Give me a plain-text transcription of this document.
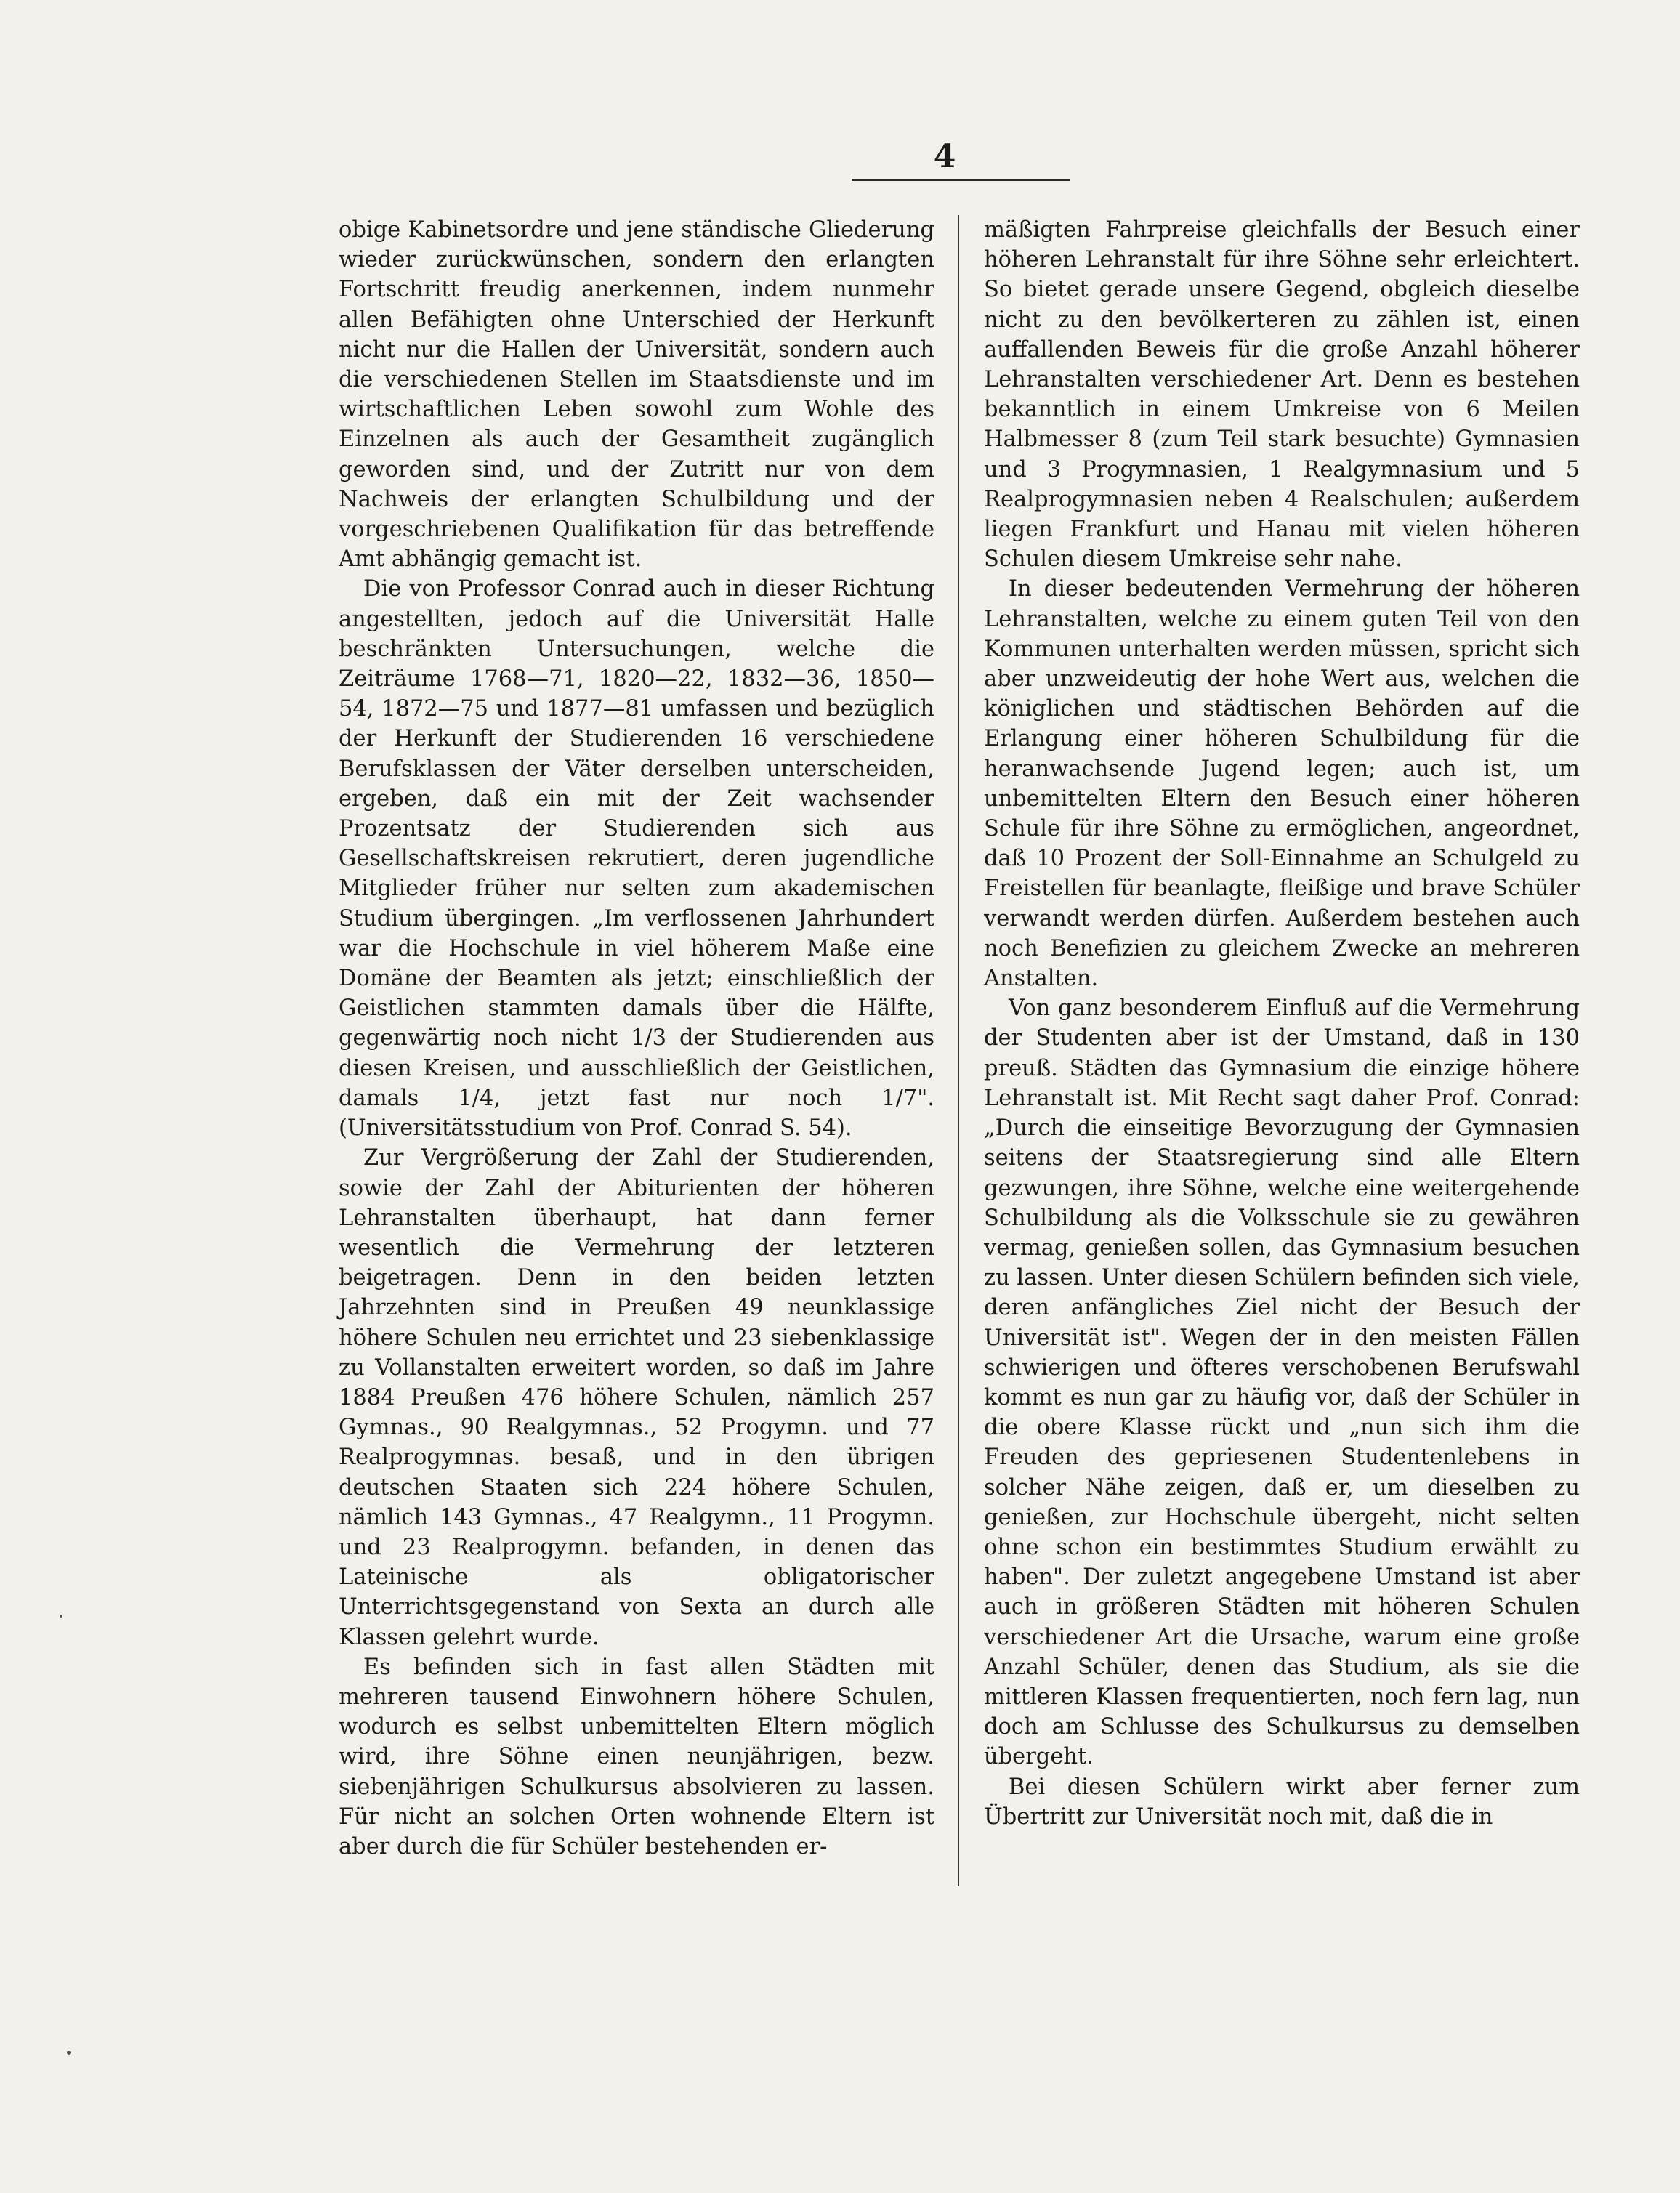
4

obige Kabinetsordre und jene ständische Gliederung wieder zurückwünschen, sondern den erlangten Fortschritt freudig anerkennen, indem nunmehr allen Befähigten ohne Unterschied der Herkunft nicht nur die Hallen der Universität, sondern auch die verschiedenen Stellen im Staatsdienste und im wirtschaftlichen Leben sowohl zum Wohle des Einzelnen als auch der Gesamtheit zugänglich geworden sind, und der Zutritt nur von dem Nachweis der erlangten Schulbildung und der vorgeschriebenen Qualifikation für das betreffende Amt abhängig gemacht ist.

Die von Professor Conrad auch in dieser Richtung angestellten, jedoch auf die Universität Halle beschränkten Untersuchungen, welche die Zeiträume 1768—71, 1820—22, 1832—36, 1850—54, 1872—75 und 1877—81 umfassen und bezüglich der Herkunft der Studierenden 16 verschiedene Berufsklassen der Väter derselben unterscheiden, ergeben, daß ein mit der Zeit wachsender Prozentsatz der Studierenden sich aus Gesellschaftskreisen rekrutiert, deren jugendliche Mitglieder früher nur selten zum akademischen Studium übergingen. „Im verflossenen Jahrhundert war die Hochschule in viel höherem Maße eine Domäne der Beamten als jetzt; einschließlich der Geistlichen stammten damals über die Hälfte, gegenwärtig noch nicht 1/3 der Studierenden aus diesen Kreisen, und ausschließlich der Geistlichen, damals 1/4, jetzt fast nur noch 1/7". (Universitätsstudium von Prof. Conrad S. 54).

Zur Vergrößerung der Zahl der Studierenden, sowie der Zahl der Abiturienten der höheren Lehranstalten überhaupt, hat dann ferner wesentlich die Vermehrung der letzteren beigetragen. Denn in den beiden letzten Jahrzehnten sind in Preußen 49 neunklassige höhere Schulen neu errichtet und 23 siebenklassige zu Vollanstalten erweitert worden, so daß im Jahre 1884 Preußen 476 höhere Schulen, nämlich 257 Gymnas., 90 Realgymnas., 52 Progymn. und 77 Realprogymnas. besaß, und in den übrigen deutschen Staaten sich 224 höhere Schulen, nämlich 143 Gymnas., 47 Realgymn., 11 Progymn. und 23 Realprogymn. befanden, in denen das Lateinische als obligatorischer Unterrichtsgegenstand von Sexta an durch alle Klassen gelehrt wurde.

Es befinden sich in fast allen Städten mit mehreren tausend Einwohnern höhere Schulen, wodurch es selbst unbemittelten Eltern möglich wird, ihre Söhne einen neunjährigen, bezw. siebenjährigen Schulkursus absolvieren zu lassen. Für nicht an solchen Orten wohnende Eltern ist aber durch die für Schüler bestehenden er-

mäßigten Fahrpreise gleichfalls der Besuch einer höheren Lehranstalt für ihre Söhne sehr erleichtert. So bietet gerade unsere Gegend, obgleich dieselbe nicht zu den bevölkerteren zu zählen ist, einen auffallenden Beweis für die große Anzahl höherer Lehranstalten verschiedener Art. Denn es bestehen bekanntlich in einem Umkreise von 6 Meilen Halbmesser 8 (zum Teil stark besuchte) Gymnasien und 3 Progymnasien, 1 Realgymnasium und 5 Realprogymnasien neben 4 Realschulen; außerdem liegen Frankfurt und Hanau mit vielen höheren Schulen diesem Umkreise sehr nahe.

In dieser bedeutenden Vermehrung der höheren Lehranstalten, welche zu einem guten Teil von den Kommunen unterhalten werden müssen, spricht sich aber unzweideutig der hohe Wert aus, welchen die königlichen und städtischen Behörden auf die Erlangung einer höheren Schulbildung für die heranwachsende Jugend legen; auch ist, um unbemittelten Eltern den Besuch einer höheren Schule für ihre Söhne zu ermöglichen, angeordnet, daß 10 Prozent der Soll-Einnahme an Schulgeld zu Freistellen für beanlagte, fleißige und brave Schüler verwandt werden dürfen. Außerdem bestehen auch noch Benefizien zu gleichem Zwecke an mehreren Anstalten.

Von ganz besonderem Einfluß auf die Vermehrung der Studenten aber ist der Umstand, daß in 130 preuß. Städten das Gymnasium die einzige höhere Lehranstalt ist. Mit Recht sagt daher Prof. Conrad: „Durch die einseitige Bevorzugung der Gymnasien seitens der Staatsregierung sind alle Eltern gezwungen, ihre Söhne, welche eine weitergehende Schulbildung als die Volksschule sie zu gewähren vermag, genießen sollen, das Gymnasium besuchen zu lassen. Unter diesen Schülern befinden sich viele, deren anfängliches Ziel nicht der Besuch der Universität ist". Wegen der in den meisten Fällen schwierigen und öfteres verschobenen Berufswahl kommt es nun gar zu häufig vor, daß der Schüler in die obere Klasse rückt und „nun sich ihm die Freuden des gepriesenen Studentenlebens in solcher Nähe zeigen, daß er, um dieselben zu genießen, zur Hochschule übergeht, nicht selten ohne schon ein bestimmtes Studium erwählt zu haben". Der zuletzt angegebene Umstand ist aber auch in größeren Städten mit höheren Schulen verschiedener Art die Ursache, warum eine große Anzahl Schüler, denen das Studium, als sie die mittleren Klassen frequentierten, noch fern lag, nun doch am Schlusse des Schulkursus zu demselben übergeht.

Bei diesen Schülern wirkt aber ferner zum Übertritt zur Universität noch mit, daß die in
